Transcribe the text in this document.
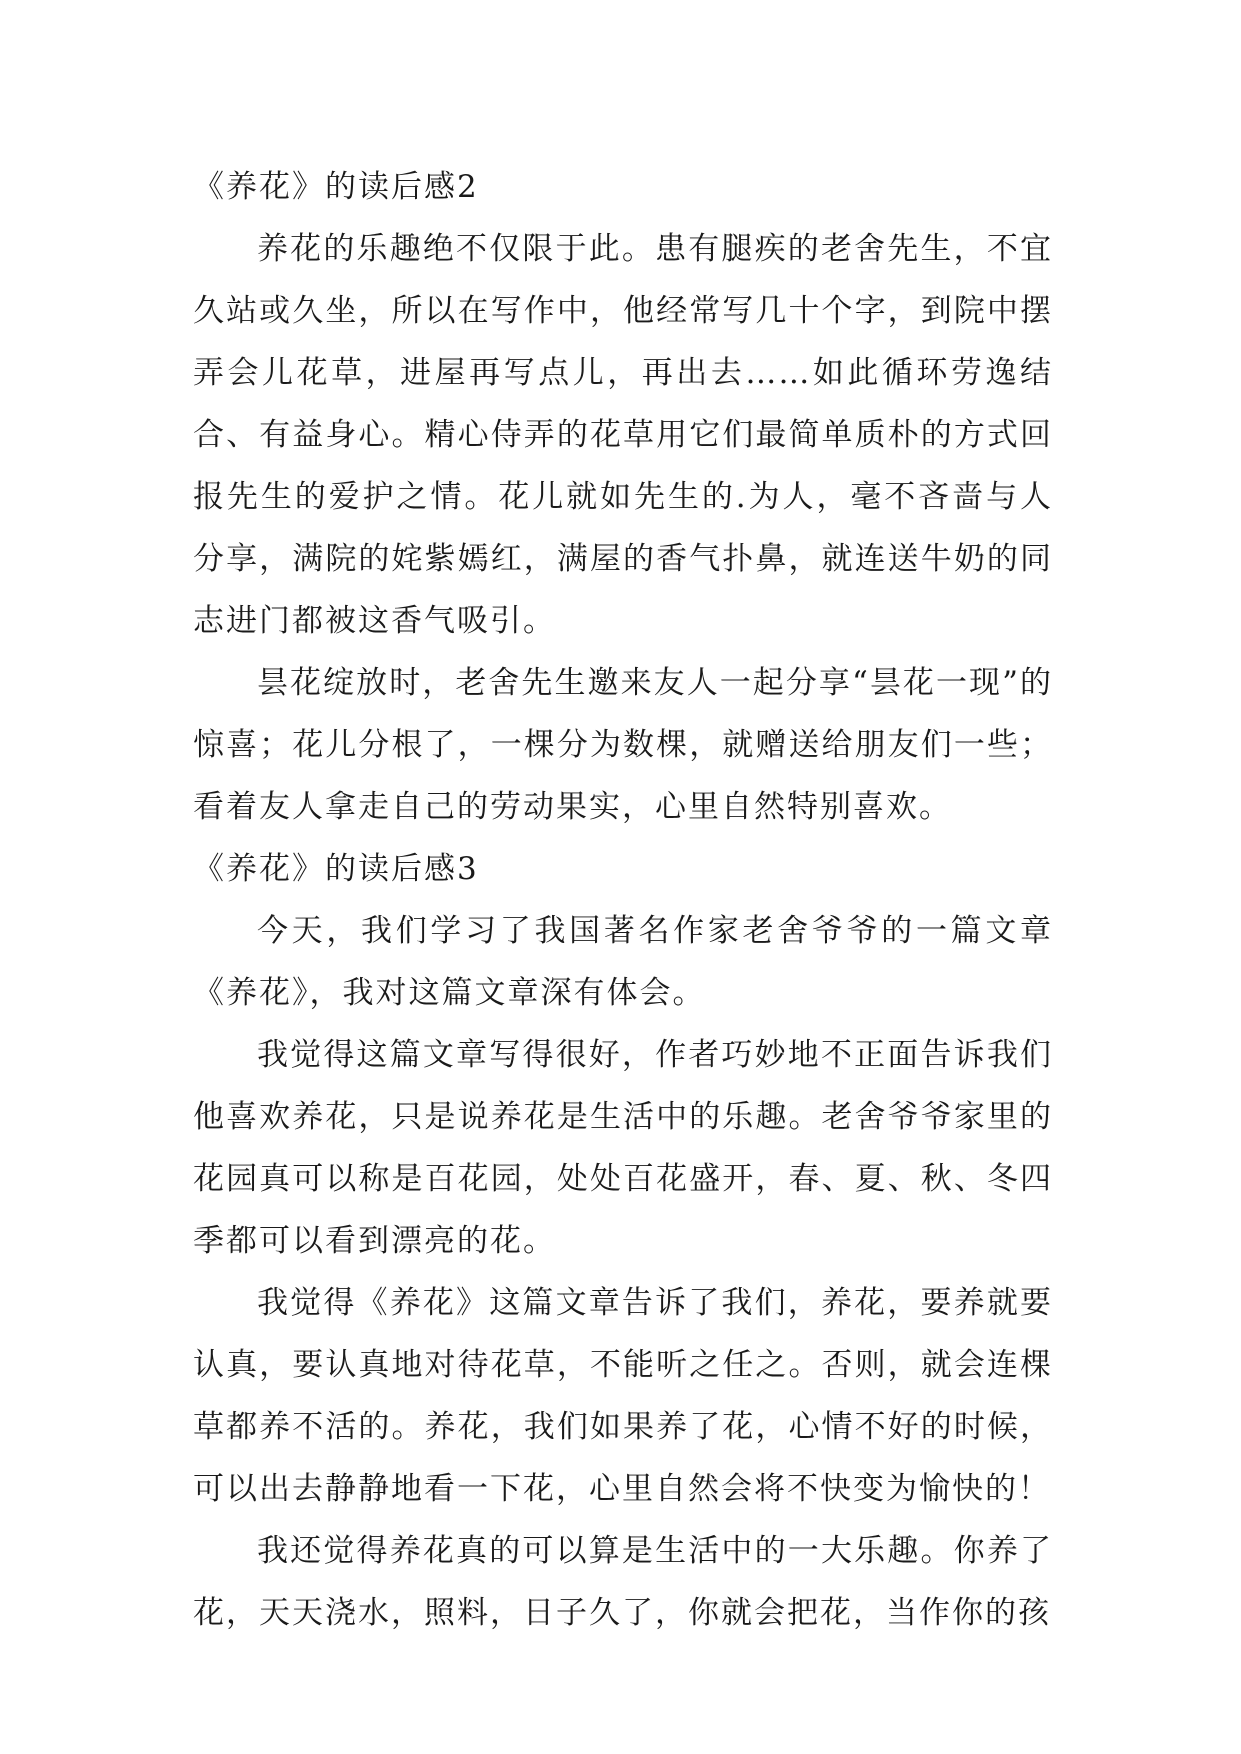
《养花》的读后感2

养花的乐趣绝不仅限于此。患有腿疾的老舍先生，不宜久站或久坐，所以在写作中，他经常写几十个字，到院中摆弄会儿花草，进屋再写点儿，再出去……如此循环劳逸结合、有益身心。精心侍弄的花草用它们最简单质朴的方式回报先生的爱护之情。花儿就如先生的.为人，毫不吝啬与人分享，满院的姹紫嫣红，满屋的香气扑鼻，就连送牛奶的同志进门都被这香气吸引。

昙花绽放时，老舍先生邀来友人一起分享“昙花一现”的惊喜；花儿分根了，一棵分为数棵，就赠送给朋友们一些；看着友人拿走自己的劳动果实，心里自然特别喜欢。

《养花》的读后感3

今天，我们学习了我国著名作家老舍爷爷的一篇文章《养花》，我对这篇文章深有体会。

我觉得这篇文章写得很好，作者巧妙地不正面告诉我们他喜欢养花，只是说养花是生活中的乐趣。老舍爷爷家里的花园真可以称是百花园，处处百花盛开，春、夏、秋、冬四季都可以看到漂亮的花。

我觉得《养花》这篇文章告诉了我们，养花，要养就要认真，要认真地对待花草，不能听之任之。否则，就会连棵草都养不活的。养花，我们如果养了花，心情不好的时候，可以出去静静地看一下花，心里自然会将不快变为愉快的！

我还觉得养花真的可以算是生活中的一大乐趣。你养了花，天天浇水，照料，日子久了，你就会把花，当作你的孩
